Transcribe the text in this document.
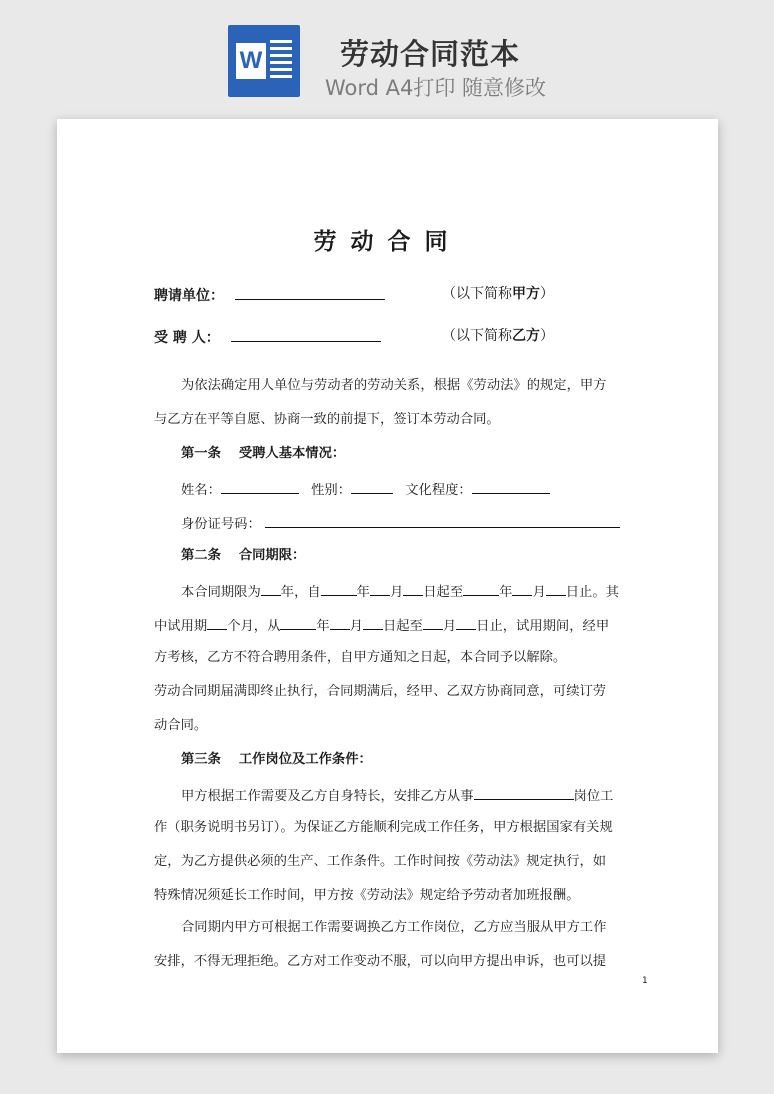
W	劳动合同范本
Word A4打印 随意修改
劳动合同
聘请单位：	（以下简称甲方）
受 聘 人：	（以下简称乙方）
为依法确定用人单位与劳动者的劳动关系，根据《劳动法》的规定，甲方
与乙方在平等自愿、协商一致的前提下，签订本劳动合同。
第一条　 受聘人基本情况：
姓名：	性别：	文化程度：
身份证号码：
第二条　 合同期限：
本合同期限为 年，自	年 月 日起至	年 月 日止。其
中试用期 个月，从	年 月 日起至 月 日止，试用期间，经甲
方考核，乙方不符合聘用条件，自甲方通知之日起，本合同予以解除。
劳动合同期届满即终止执行，合同期满后，经甲、乙双方协商同意，可续订劳
动合同。
第三条　 工作岗位及工作条件：
甲方根据工作需要及乙方自身特长，安排乙方从事	岗位工
作（职务说明书另订）。为保证乙方能顺利完成工作任务，甲方根据国家有关规
定，为乙方提供必须的生产、工作条件。工作时间按《劳动法》规定执行，如
特殊情况须延长工作时间，甲方按《劳动法》规定给予劳动者加班报酬。
合同期内甲方可根据工作需要调换乙方工作岗位，乙方应当服从甲方工作
安排，不得无理拒绝。乙方对工作变动不服，可以向甲方提出申诉，也可以提
1
